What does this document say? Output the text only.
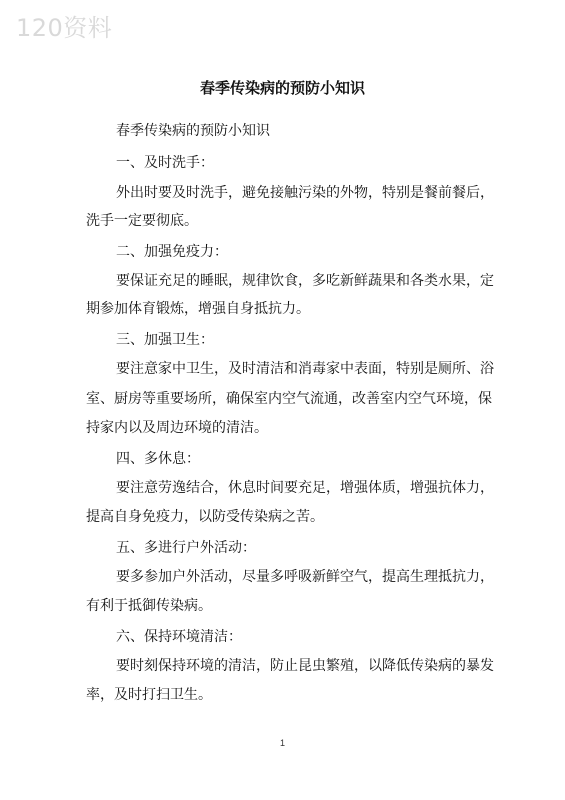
120资料
春季传染病的预防小知识
春季传染病的预防小知识
一、及时洗手：
外出时要及时洗手，避免接触污染的外物，特别是餐前餐后，
洗手一定要彻底。
二、加强免疫力：
要保证充足的睡眠，规律饮食，多吃新鲜蔬果和各类水果，定
期参加体育锻炼，增强自身抵抗力。
三、加强卫生：
要注意家中卫生，及时清洁和消毒家中表面，特别是厕所、浴
室、厨房等重要场所，确保室内空气流通，改善室内空气环境，保
持家内以及周边环境的清洁。
四、多休息：
要注意劳逸结合，休息时间要充足，增强体质，增强抗体力，
提高自身免疫力，以防受传染病之苦。
五、多进行户外活动：
要多参加户外活动，尽量多呼吸新鲜空气，提高生理抵抗力，
有利于抵御传染病。
六、保持环境清洁：
要时刻保持环境的清洁，防止昆虫繁殖，以降低传染病的暴发
率，及时打扫卫生。
1
